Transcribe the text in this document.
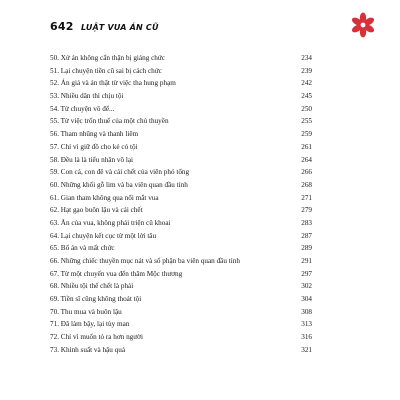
642 LUẬT VUA ÁN CŨ
50. Xử án không cẩn thận bị giáng chức	234
51. Lại chuyện tiền cũ sai bị cách chức	239
52. Án giả và án thật từ việc tha hung phạm	242
53. Nhiều dân thì chịu tội	245
54. Từ chuyện vô để...	250
55. Từ việc trốn thuế của một chủ thuyền	255
56. Tham nhũng và thanh liêm	259
57. Chỉ vì giữ đồ cho kẻ có tội	261
58. Đều là là tiểu nhân vô lại	264
59. Con cá, con đê và cái chết của viên phó tổng	266
60. Những khối gỗ lim và ba viên quan đầu tỉnh	268
61. Gian tham không qua nổi mắt vua	271
62. Hạt gạo buôn lậu và cái chết	279
63. Ăn của vua, không phải triện cũ khoai	283
64. Lại chuyện kết cục từ một lời tâu	287
65. Bổ án và mất chức	289
66. Những chiếc thuyền mục nát và số phận ba viên quan đầu tỉnh	291
67. Từ một chuyến vua đến thăm Mộc thương	297
68. Nhiều tội thế chết là phải	302
69. Tiền sĩ cũng không thoát tội	304
70. Thu mua và buôn lậu	308
71. Đã làm bậy, lại tùy man	313
72. Chỉ vì muốn tỏ ra hơn người	316
73. Khinh suất và hậu quả	321
